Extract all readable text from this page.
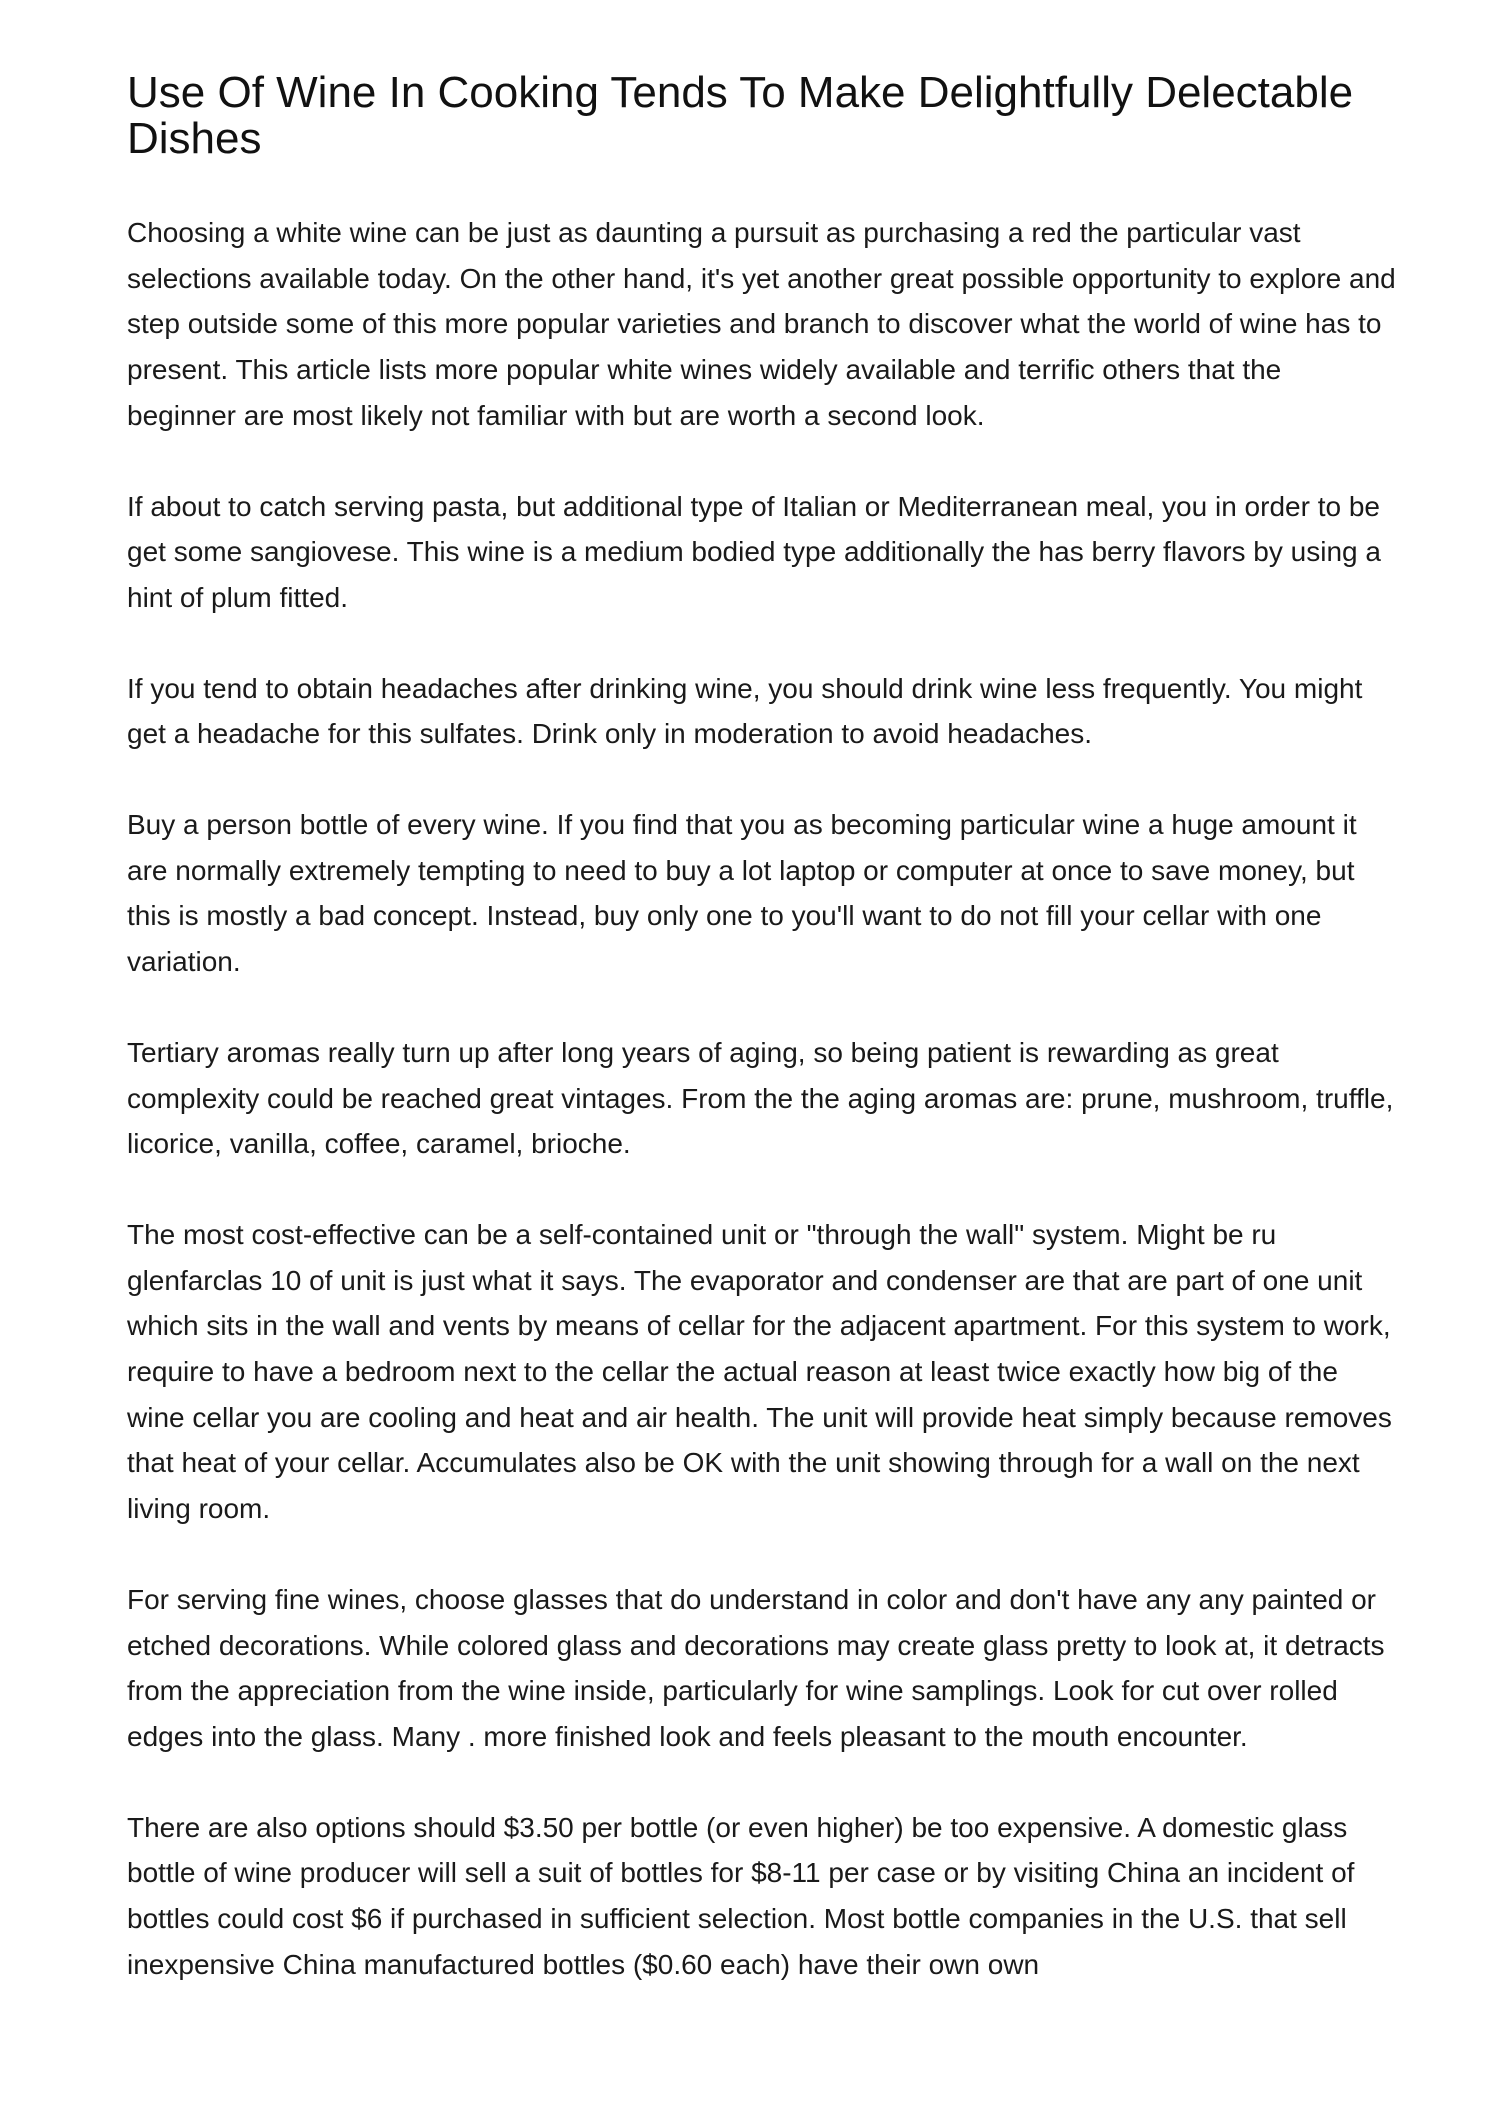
Use Of Wine In Cooking Tends To Make Delightfully Delectable Dishes

Choosing a white wine can be just as daunting a pursuit as purchasing a red the particular vast selections available today. On the other hand, it's yet another great possible opportunity to explore and step outside some of this more popular varieties and branch to discover what the world of wine has to present. This article lists more popular white wines widely available and terrific others that the beginner are most likely not familiar with but are worth a second look.

If about to catch serving pasta, but additional type of Italian or Mediterranean meal, you in order to be get some sangiovese. This wine is a medium bodied type additionally the has berry flavors by using a hint of plum fitted.

If you tend to obtain headaches after drinking wine, you should drink wine less frequently. You might get a headache for this sulfates. Drink only in moderation to avoid headaches.

Buy a person bottle of every wine. If you find that you as becoming particular wine a huge amount it are normally extremely tempting to need to buy a lot laptop or computer at once to save money, but this is mostly a bad concept. Instead, buy only one to you'll want to do not fill your cellar with one variation.

Tertiary aromas really turn up after long years of aging, so being patient is rewarding as great complexity could be reached great vintages. From the the aging aromas are: prune, mushroom, truffle, licorice, vanilla, coffee, caramel, brioche.

The most cost-effective can be a self-contained unit or "through the wall" system. Might be ru glenfarclas 10 of unit is just what it says. The evaporator and condenser are that are part of one unit which sits in the wall and vents by means of cellar for the adjacent apartment. For this system to work, require to have a bedroom next to the cellar the actual reason at least twice exactly how big of the wine cellar you are cooling and heat and air health. The unit will provide heat simply because removes that heat of your cellar. Accumulates also be OK with the unit showing through for a wall on the next living room.

For serving fine wines, choose glasses that do understand in color and don't have any any painted or etched decorations. While colored glass and decorations may create glass pretty to look at, it detracts from the appreciation from the wine inside, particularly for wine samplings. Look for cut over rolled edges into the glass. Many . more finished look and feels pleasant to the mouth encounter.

There are also options should $3.50 per bottle (or even higher) be too expensive. A domestic glass bottle of wine producer will sell a suit of bottles for $8-11 per case or by visiting China an incident of bottles could cost $6 if purchased in sufficient selection. Most bottle companies in the U.S. that sell inexpensive China manufactured bottles ($0.60 each) have their own own
